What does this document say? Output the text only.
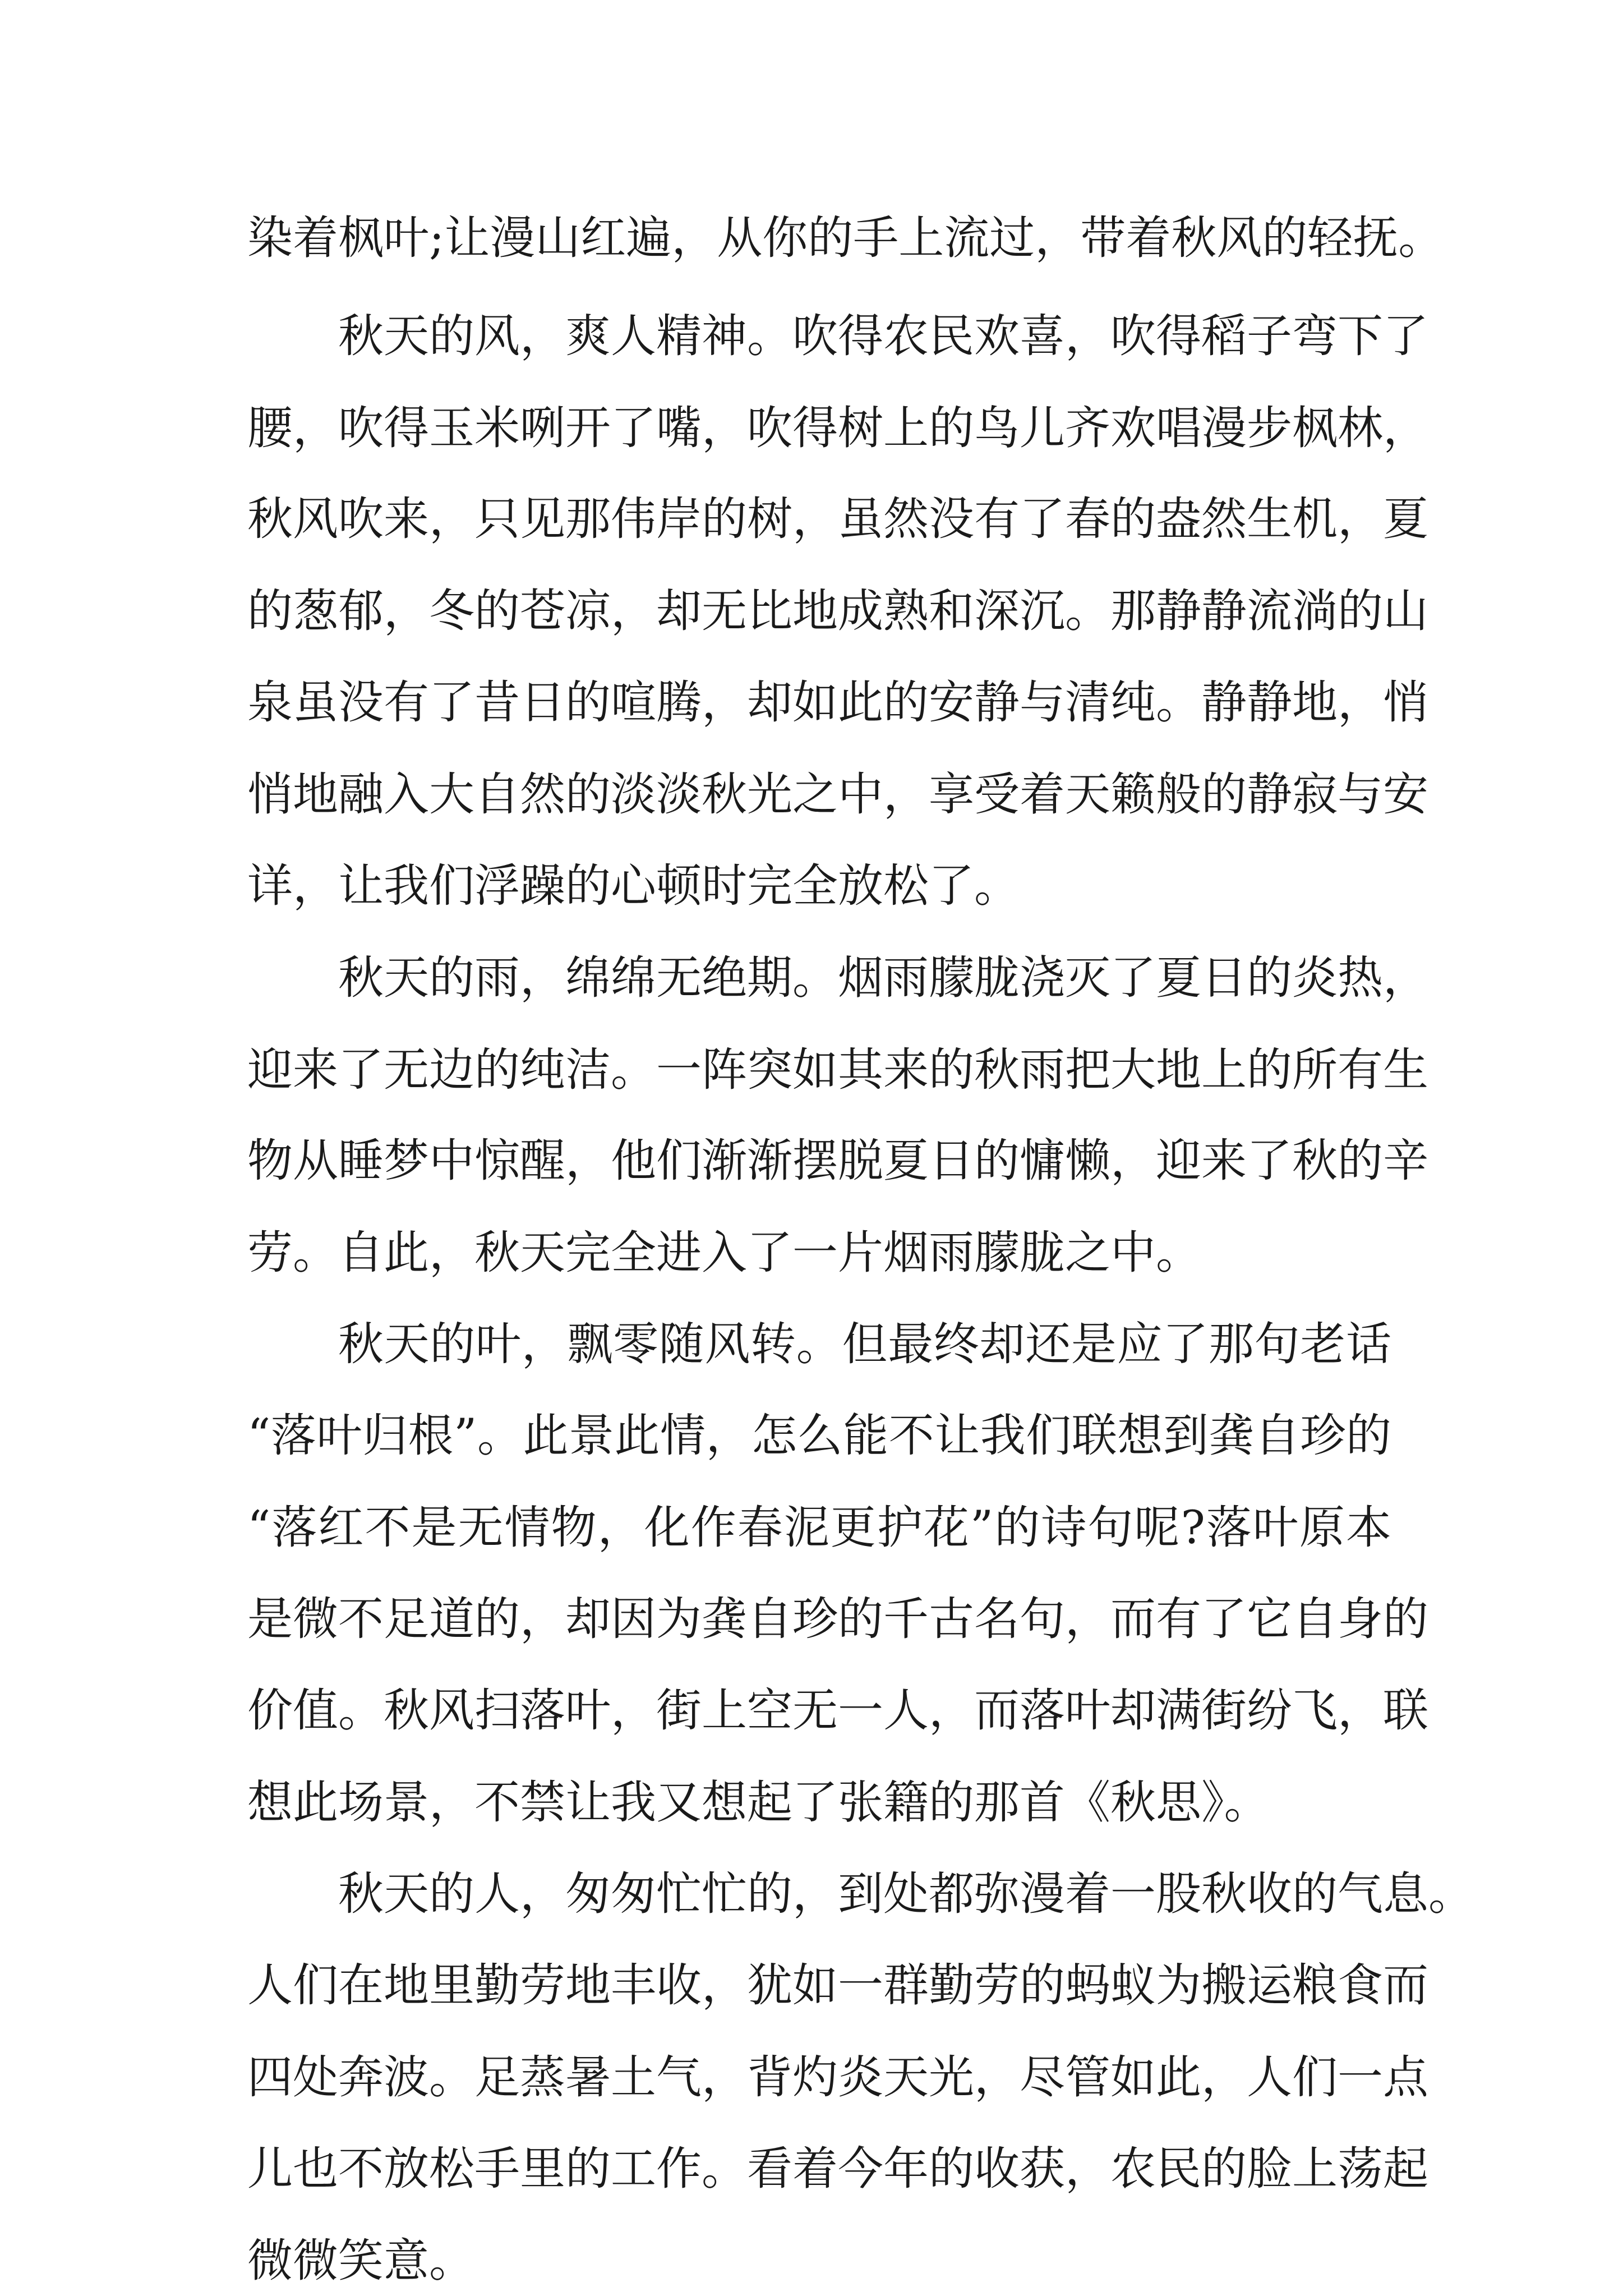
染着枫叶;让漫山红遍，从你的手上流过，带着秋风的轻抚。
秋天的风，爽人精神。吹得农民欢喜，吹得稻子弯下了
腰，吹得玉米咧开了嘴，吹得树上的鸟儿齐欢唱漫步枫林，
秋风吹来，只见那伟岸的树，虽然没有了春的盎然生机，夏
的葱郁，冬的苍凉，却无比地成熟和深沉。那静静流淌的山
泉虽没有了昔日的喧腾，却如此的安静与清纯。静静地，悄
悄地融入大自然的淡淡秋光之中，享受着天籁般的静寂与安
详，让我们浮躁的心顿时完全放松了。
秋天的雨，绵绵无绝期。烟雨朦胧浇灭了夏日的炎热，
迎来了无边的纯洁。一阵突如其来的秋雨把大地上的所有生
物从睡梦中惊醒，他们渐渐摆脱夏日的慵懒，迎来了秋的辛
劳。自此，秋天完全进入了一片烟雨朦胧之中。
秋天的叶，飘零随风转。但最终却还是应了那句老话
“落叶归根”。此景此情，怎么能不让我们联想到龚自珍的
“落红不是无情物，化作春泥更护花”的诗句呢?落叶原本
是微不足道的，却因为龚自珍的千古名句，而有了它自身的
价值。秋风扫落叶，街上空无一人，而落叶却满街纷飞，联
想此场景，不禁让我又想起了张籍的那首《秋思》。
秋天的人，匆匆忙忙的，到处都弥漫着一股秋收的气息。
人们在地里勤劳地丰收，犹如一群勤劳的蚂蚁为搬运粮食而
四处奔波。足蒸暑土气，背灼炎天光，尽管如此，人们一点
儿也不放松手里的工作。看着今年的收获，农民的脸上荡起
微微笑意。
